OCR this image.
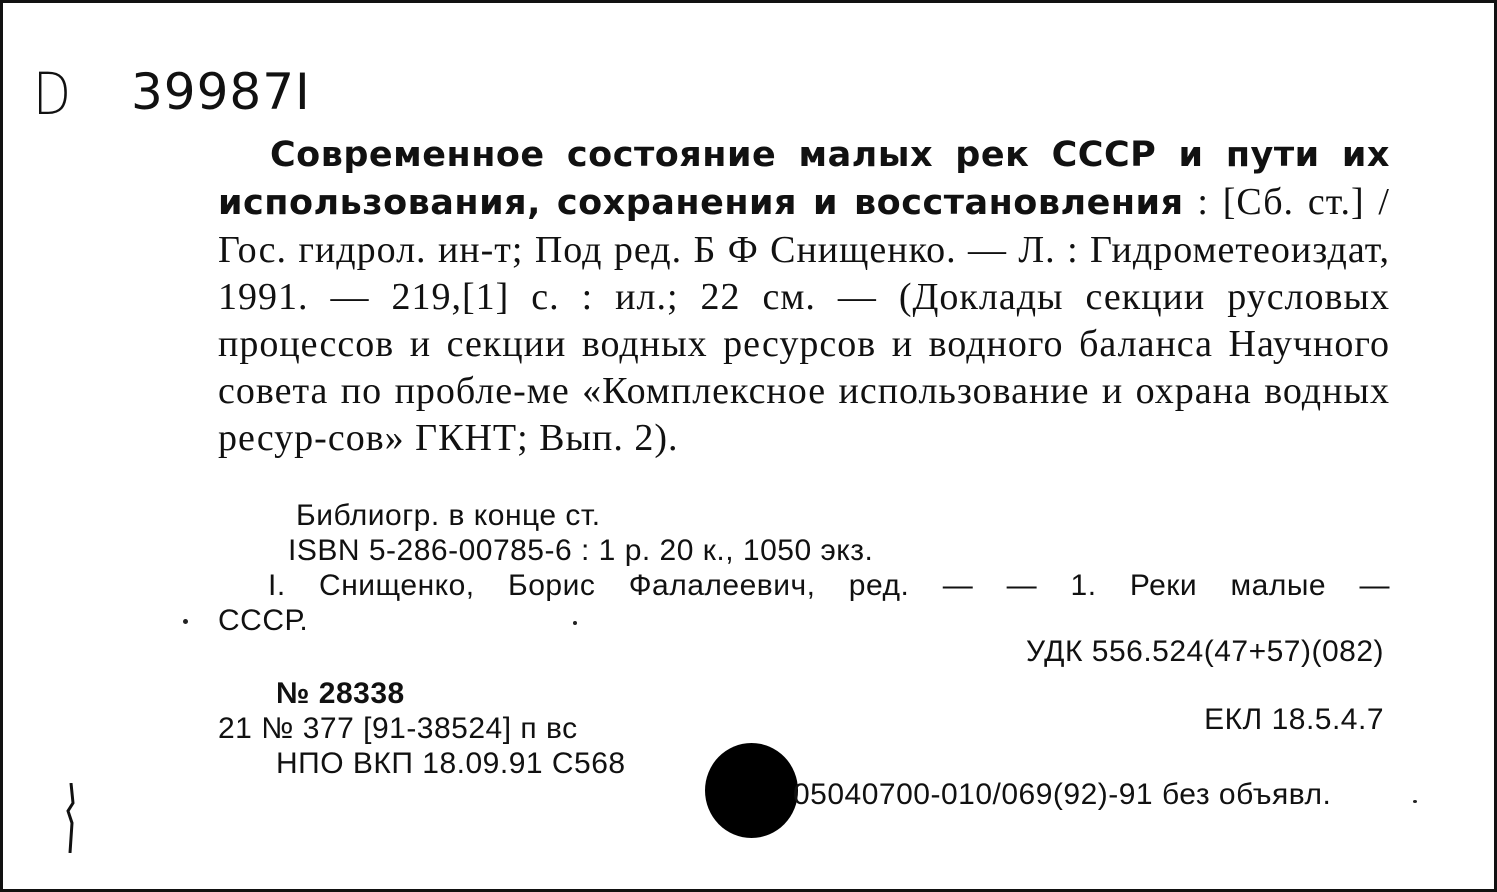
D 39987I
Современное состояние малых рек СССР и пути их использования, сохранения и восстановления : [Сб. ст.] / Гос. гидрол. ин-т; Под ред. Б Ф Снищенко. — Л. : Гидрометеоиздат, 1991. — 219,[1] с. : ил.; 22 см. — (Доклады секции русловых процессов и секции водных ресурсов и водного баланса Научного совета по пробле-ме «Комплексное использование и охрана водных ресур-сов» ГКНТ; Вып. 2).
Библиогр. в конце ст.
ISBN 5-286-00785-6 : 1 р. 20 к., 1050 экз.
I. Снищенко, Борис Фалалеевич, ред. — — 1. Реки малые —
СССР.
УДК 556.524(47+57)(082)
№ 28338
21 № 377 [91-38524] п вс
НПО ВКП 18.09.91 С568
ЕКЛ 18.5.4.7
05040700-010/069(92)-91 без объявл.
